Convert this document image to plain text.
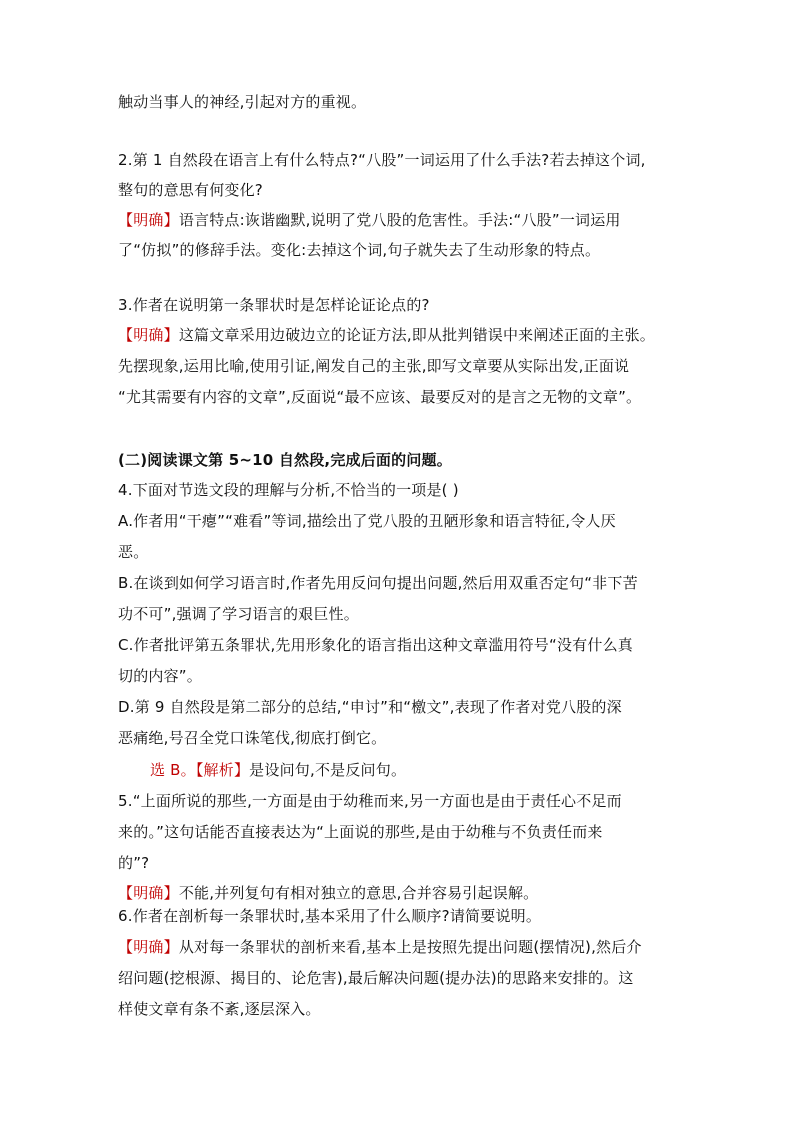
触动当事人的神经,引起对方的重视。
2.第 1 自然段在语言上有什么特点?“八股”一词运用了什么手法?若去掉这个词,
整句的意思有何变化?
【明确】语言特点:诙谐幽默,说明了党八股的危害性。手法:“八股”一词运用
了“仿拟”的修辞手法。变化:去掉这个词,句子就失去了生动形象的特点。
3.作者在说明第一条罪状时是怎样论证论点的?
【明确】这篇文章采用边破边立的论证方法,即从批判错误中来阐述正面的主张。
先摆现象,运用比喻,使用引证,阐发自己的主张,即写文章要从实际出发,正面说
“尤其需要有内容的文章”,反面说“最不应该、最要反对的是言之无物的文章”。
(二)阅读课文第 5~10 自然段,完成后面的问题。
4.下面对节选文段的理解与分析,不恰当的一项是( )
A.作者用“干瘪”“难看”等词,描绘出了党八股的丑陋形象和语言特征,令人厌
恶。
B.在谈到如何学习语言时,作者先用反问句提出问题,然后用双重否定句“非下苦
功不可”,强调了学习语言的艰巨性。
C.作者批评第五条罪状,先用形象化的语言指出这种文章滥用符号“没有什么真
切的内容”。
D.第 9 自然段是第二部分的总结,“申讨”和“檄文”,表现了作者对党八股的深
恶痛绝,号召全党口诛笔伐,彻底打倒它。
选 B。【解析】是设问句,不是反问句。
5.“上面所说的那些,一方面是由于幼稚而来,另一方面也是由于责任心不足而
来的。”这句话能否直接表达为“上面说的那些,是由于幼稚与不负责任而来
的”?
【明确】不能,并列复句有相对独立的意思,合并容易引起误解。
6.作者在剖析每一条罪状时,基本采用了什么顺序?请简要说明。
【明确】从对每一条罪状的剖析来看,基本上是按照先提出问题(摆情况),然后介
绍问题(挖根源、揭目的、论危害),最后解决问题(提办法)的思路来安排的。这
样使文章有条不紊,逐层深入。
